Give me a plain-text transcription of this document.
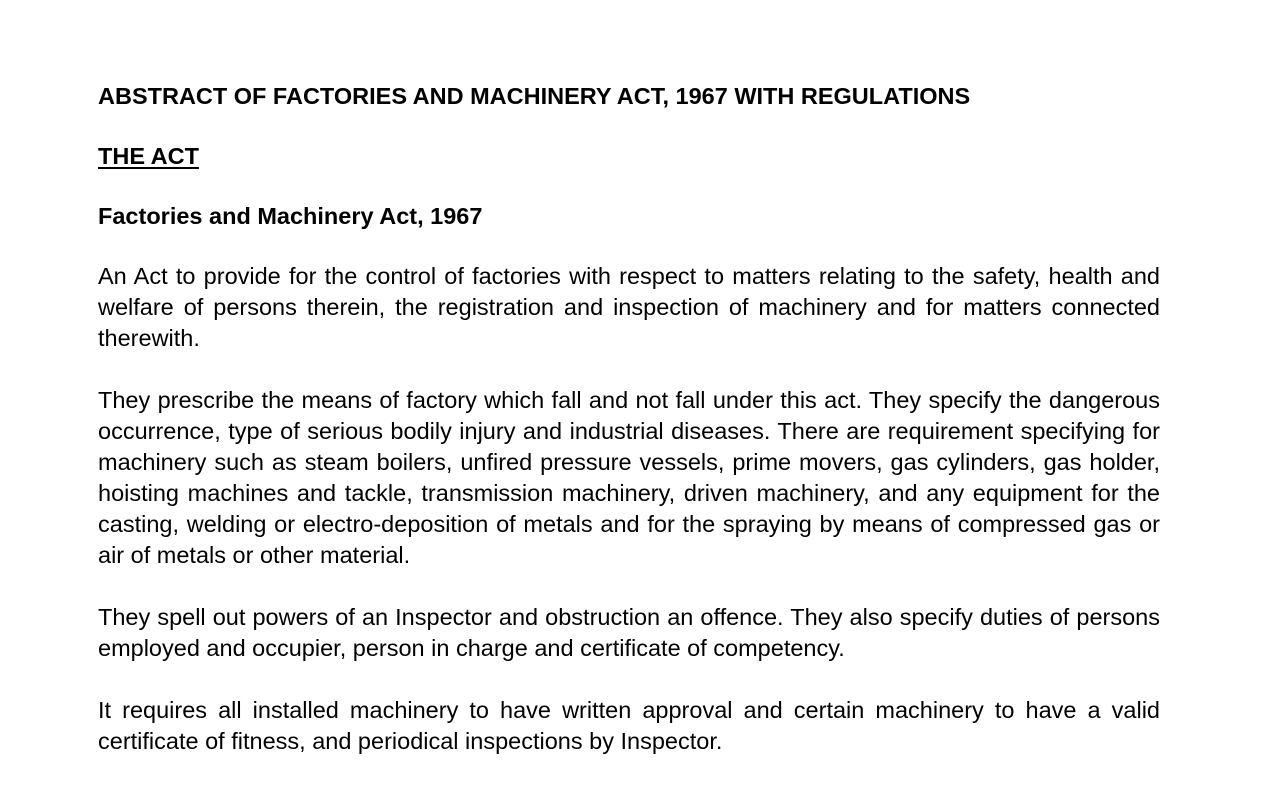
ABSTRACT OF FACTORIES AND MACHINERY ACT, 1967 WITH REGULATIONS
THE ACT
Factories and Machinery Act, 1967

An Act to provide for the control of factories with respect to matters relating to the safety, health and welfare of persons therein, the registration and inspection of machinery and for matters connected therewith.

They prescribe the means of factory which fall and not fall under this act. They specify the dangerous occurrence, type of serious bodily injury and industrial diseases. There are requirement specifying for machinery such as steam boilers, unfired pressure vessels, prime movers, gas cylinders, gas holder, hoisting machines and tackle, transmission machinery, driven machinery, and any equipment for the casting, welding or electro-deposition of metals and for the spraying by means of compressed gas or air of metals or other material.

They spell out powers of an Inspector and obstruction an offence. They also specify duties of persons employed and occupier, person in charge and certificate of competency.

It requires all installed machinery to have written approval and certain machinery to have a valid certificate of fitness, and periodical inspections by Inspector.
